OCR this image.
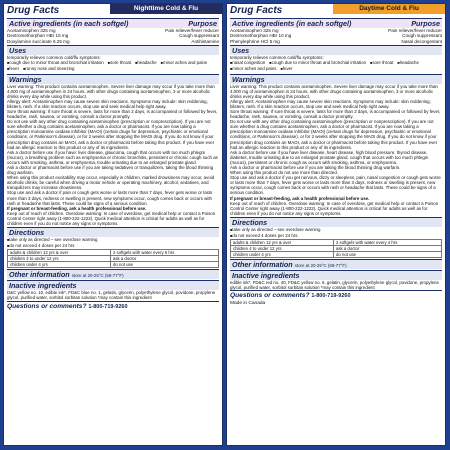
Drug Facts	Nighttime Cold & Flu
Active ingredients (in each softgel)	Purpose
Acetaminophen 325 mg	Pain reliever/fever reducer
Dextromethorphan HBr 15 mg	Cough suppressant
Doxylamine succinate 6.25 mg	Antihistamine
Uses
temporarily relieves common cold/flu symptoms:
■ cough due to minor throat and bronchial irritation	■ sore throat	■ headache	■ minor aches and pains
■ fever	■ runny nose and sneezing
Warnings
Liver warning: This product contains acetaminophen. Severe liver damage may occur if you take more than 4,000 mg of acetaminophen in 24 hours, with other drugs containing acetaminophen, 3 or more alcoholic drinks every day while using this product.
Allergy alert: Acetaminophen may cause severe skin reactions. Symptoms may include: skin reddening, blisters, rash. If a skin reaction occurs, stop use and seek medical help right away.
Sore throat warning: If sore throat is severe, lasts for more than 2 days, is accompanied or followed by fever, headache, rash, nausea, or vomiting, consult a doctor promptly.
Do not use with any other drug containing acetaminophen (prescription or nonprescription). If you are not sure whether a drug contains acetaminophen, ask a doctor or pharmacist. If you are now taking a prescription monoamine oxidase inhibitor (MAOI) (certain drugs for depression, psychiatric or emotional conditions, or Parkinson's disease), or for 2 weeks after stopping the MAOI drug. If you do not know if your prescription drug contains an MAOI, ask a doctor or pharmacist before taking this product. If you have ever had an allergic reaction to this product or any of its ingredients.
Ask a doctor before use if you have: liver disease, glaucoma, cough that occurs with too much phlegm (mucus), a breathing problem such as emphysema or chronic bronchitis, persistent or chronic cough such as occurs with smoking, asthma, or emphysema, trouble urinating due to an enlarged prostate gland.
Ask a doctor or pharmacist before use if you are taking sedatives or tranquilizers, taking the blood thinning drug warfarin.
When using this product excitability may occur, especially in children, marked drowsiness may occur, avoid alcoholic drinks, be careful when driving a motor vehicle or operating machinery, alcohol, sedatives, and tranquilizers may increase drowsiness.
Stop use and ask a doctor if pain or cough gets worse or lasts more than 7 days, fever gets worse or lasts more than 3 days, redness or swelling is present, new symptoms occur, cough comes back or occurs with rash or headache that lasts. These could be signs of a serious condition.
If pregnant or breast-feeding, ask a health professional before use.
Keep out of reach of children. Overdose warning: In case of overdose, get medical help or contact a Poison Control Center right away (1-800-222-1222). Quick medical attention is critical for adults as well as for children even if you do not notice any signs or symptoms.
Directions
■ take only as directed – see overdose warning
■ do not exceed 4 doses per 24 hrs
adults & children 12 yrs & over	2 softgels with water every 6 hrs
children 4 to under 12 yrs	ask a doctor
children under 4 yrs	do not use
Other information store at 20-25°C (68-77°F)
Inactive ingredients
D&C yellow no. 10, edible ink*, FD&C blue no. 1, gelatin, glycerin, polyethylene glycol, povidone, propylene glycol, purified water, sorbitol sorbitan solution *may contain this ingredient
Questions or comments? 1-800-719-9260
Drug Facts	Daytime Cold & Flu
Active ingredients (in each softgel)	Purpose
Acetaminophen 325 mg	Pain reliever/fever reducer
Dextromethorphan HBr 10 mg	Cough suppressant
Phenylephrine HCl 5 mg	Nasal decongestant
Uses
temporarily relieves common cold/flu symptoms:
■ nasal congestion	■ cough due to minor throat and bronchial irritation	■ sore throat	■ headache
■ minor aches and pains	■ fever
Warnings
Liver warning: This product contains acetaminophen. Severe liver damage may occur if you take more than 4,000 mg of acetaminophen in 24 hours, with other drugs containing acetaminophen, 3 or more alcoholic drinks every day while using this product.
Allergy alert: Acetaminophen may cause severe skin reactions. Symptoms may include: skin reddening, blisters, rash. If a skin reaction occurs, stop use and seek medical help right away.
Sore throat warning: If sore throat is severe, lasts for more than 2 days, is accompanied or followed by fever, headache, rash, nausea, or vomiting, consult a doctor promptly.
Do not use with any other drug containing acetaminophen (prescription or nonprescription). If you are not sure whether a drug contains acetaminophen, ask a doctor or pharmacist. If you are now taking a prescription monoamine oxidase inhibitor (MAOI) (certain drugs for depression, psychiatric or emotional conditions, or Parkinson's disease), or for 2 weeks after stopping the MAOI drug. If you do not know if your prescription drug contains an MAOI, ask a doctor or pharmacist before taking this product. If you have ever had an allergic reaction to this product or any of its ingredients.
Ask a doctor before use if you have liver disease, heart disease, high blood pressure, thyroid disease, diabetes, trouble urinating due to an enlarged prostate gland, cough that occurs with too much phlegm (mucus), persistent or chronic cough as occurs with smoking, asthma, or emphysema.
Ask a doctor or pharmacist before use if you are taking the blood thinning drug warfarin.
When using this product do not use more than directed.
Stop use and ask a doctor if you get nervous, dizzy or sleepless, pain, nasal congestion or cough gets worse or lasts more than 7 days, fever gets worse or lasts more than 3 days, redness or swelling is present, new symptoms occur, cough comes back or occurs with rash or headache that lasts. These could be signs of a serious condition.
If pregnant or breast-feeding, ask a health professional before use.
Keep out of reach of children. Overdose warning: In case of overdose, get medical help or contact a Poison Control Center right away (1-800-222-1222). Quick medical attention is critical for adults as well as for children even if you do not notice any signs or symptoms.
Directions
■ take only as directed – see overdose warning
■ do not exceed 4 doses per 24 hrs
adults & children 12 yrs & over	2 softgels with water every 4 hrs
children 4 to under 12 yrs	ask a doctor
children under 4 yrs	do not use
Other information store at 20-25°C (68-77°F)
Inactive ingredients
edible ink*, FD&C red no. 40, FD&C yellow no. 6, gelatin, glycerin, polyethylene glycol, povidone, propylene glycol, purified water, sorbitol sorbitan solution *may contain this ingredient
Questions or comments? 1-800-719-9260
Made in Canada
